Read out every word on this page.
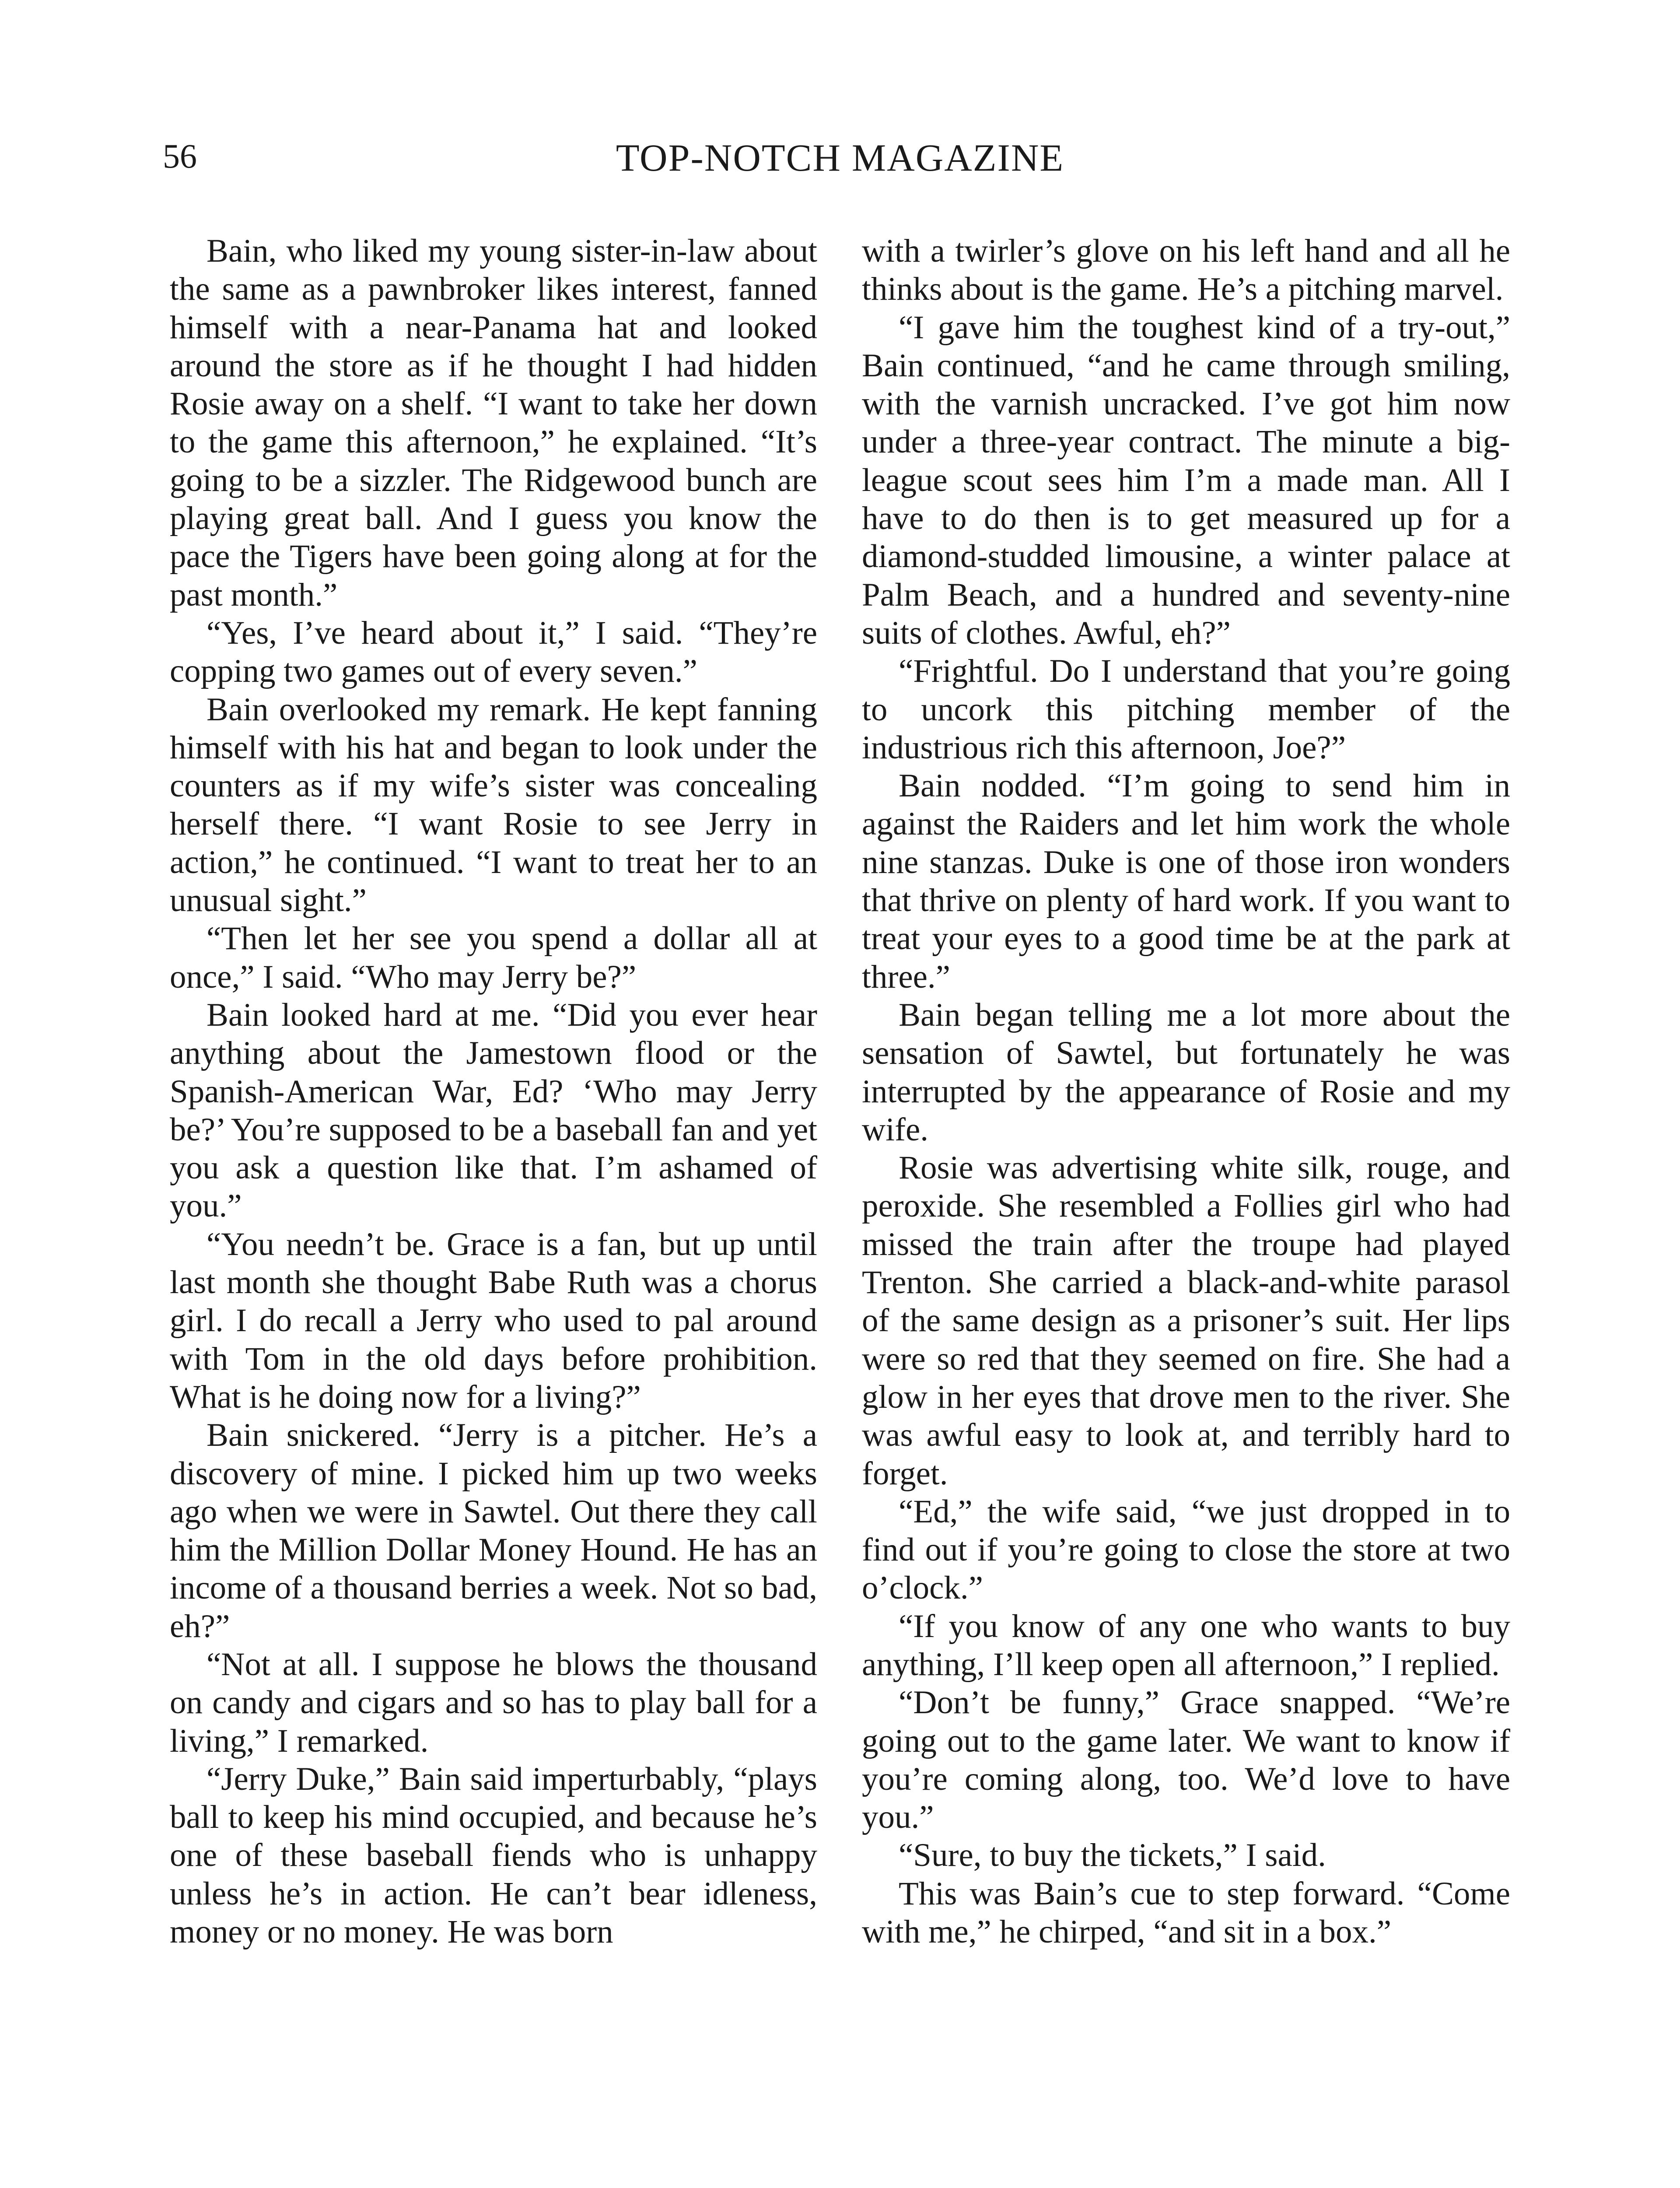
56	TOP-NOTCH MAGAZINE

Bain, who liked my young sister-in-law about the same as a pawnbroker likes interest, fanned himself with a near-Panama hat and looked around the store as if he thought I had hidden Rosie away on a shelf. “I want to take her down to the game this afternoon,” he explained. “It’s going to be a sizzler. The Ridgewood bunch are playing great ball. And I guess you know the pace the Tigers have been going along at for the past month.”

“Yes, I’ve heard about it,” I said. “They’re copping two games out of every seven.”

Bain overlooked my remark. He kept fanning himself with his hat and began to look under the counters as if my wife’s sister was concealing herself there. “I want Rosie to see Jerry in action,” he continued. “I want to treat her to an unusual sight.”

“Then let her see you spend a dollar all at once,” I said. “Who may Jerry be?”

Bain looked hard at me. “Did you ever hear anything about the Jamestown flood or the Spanish-American War, Ed? ‘Who may Jerry be?’ You’re supposed to be a baseball fan and yet you ask a question like that. I’m ashamed of you.”

“You needn’t be. Grace is a fan, but up until last month she thought Babe Ruth was a chorus girl. I do recall a Jerry who used to pal around with Tom in the old days before prohibition. What is he doing now for a living?”

Bain snickered. “Jerry is a pitcher. He’s a discovery of mine. I picked him up two weeks ago when we were in Sawtel. Out there they call him the Million Dollar Money Hound. He has an income of a thousand berries a week. Not so bad, eh?”

“Not at all. I suppose he blows the thousand on candy and cigars and so has to play ball for a living,” I remarked.

“Jerry Duke,” Bain said imperturbably, “plays ball to keep his mind occupied, and because he’s one of these baseball fiends who is unhappy unless he’s in action. He can’t bear idleness, money or no money. He was born

with a twirler’s glove on his left hand and all he thinks about is the game. He’s a pitching marvel.

“I gave him the toughest kind of a try-out,” Bain continued, “and he came through smiling, with the varnish uncracked. I’ve got him now under a three-year contract. The minute a big-league scout sees him I’m a made man. All I have to do then is to get measured up for a diamond-studded limousine, a winter palace at Palm Beach, and a hundred and seventy-nine suits of clothes. Awful, eh?”

“Frightful. Do I understand that you’re going to uncork this pitching member of the industrious rich this afternoon, Joe?”

Bain nodded. “I’m going to send him in against the Raiders and let him work the whole nine stanzas. Duke is one of those iron wonders that thrive on plenty of hard work. If you want to treat your eyes to a good time be at the park at three.”

Bain began telling me a lot more about the sensation of Sawtel, but fortunately he was interrupted by the appearance of Rosie and my wife.

Rosie was advertising white silk, rouge, and peroxide. She resembled a Follies girl who had missed the train after the troupe had played Trenton. She carried a black-and-white parasol of the same design as a prisoner’s suit. Her lips were so red that they seemed on fire. She had a glow in her eyes that drove men to the river. She was awful easy to look at, and terribly hard to forget.

“Ed,” the wife said, “we just dropped in to find out if you’re going to close the store at two o’clock.”

“If you know of any one who wants to buy anything, I’ll keep open all afternoon,” I replied.

“Don’t be funny,” Grace snapped. “We’re going out to the game later. We want to know if you’re coming along, too. We’d love to have you.”

“Sure, to buy the tickets,” I said.

This was Bain’s cue to step forward. “Come with me,” he chirped, “and sit in a box.”
